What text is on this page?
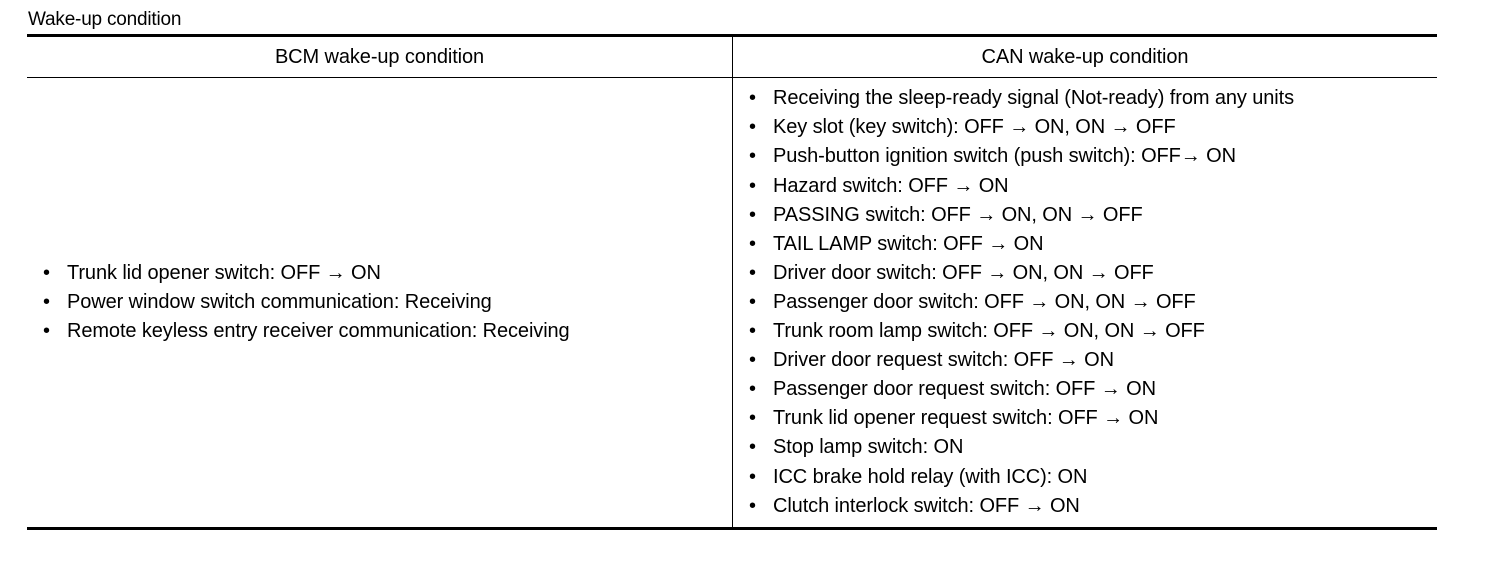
Wake-up condition
BCM wake-up condition	CAN wake-up condition
• Trunk lid opener switch: OFF → ON
• Power window switch communication: Receiving
• Remote keyless entry receiver communication: Receiving
• Receiving the sleep-ready signal (Not-ready) from any units
• Key slot (key switch): OFF → ON, ON → OFF
• Push-button ignition switch (push switch): OFF→ ON
• Hazard switch: OFF → ON
• PASSING switch: OFF → ON, ON → OFF
• TAIL LAMP switch: OFF → ON
• Driver door switch: OFF → ON, ON → OFF
• Passenger door switch: OFF → ON, ON → OFF
• Trunk room lamp switch: OFF → ON, ON → OFF
• Driver door request switch: OFF → ON
• Passenger door request switch: OFF → ON
• Trunk lid opener request switch: OFF → ON
• Stop lamp switch: ON
• ICC brake hold relay (with ICC): ON
• Clutch interlock switch: OFF → ON
